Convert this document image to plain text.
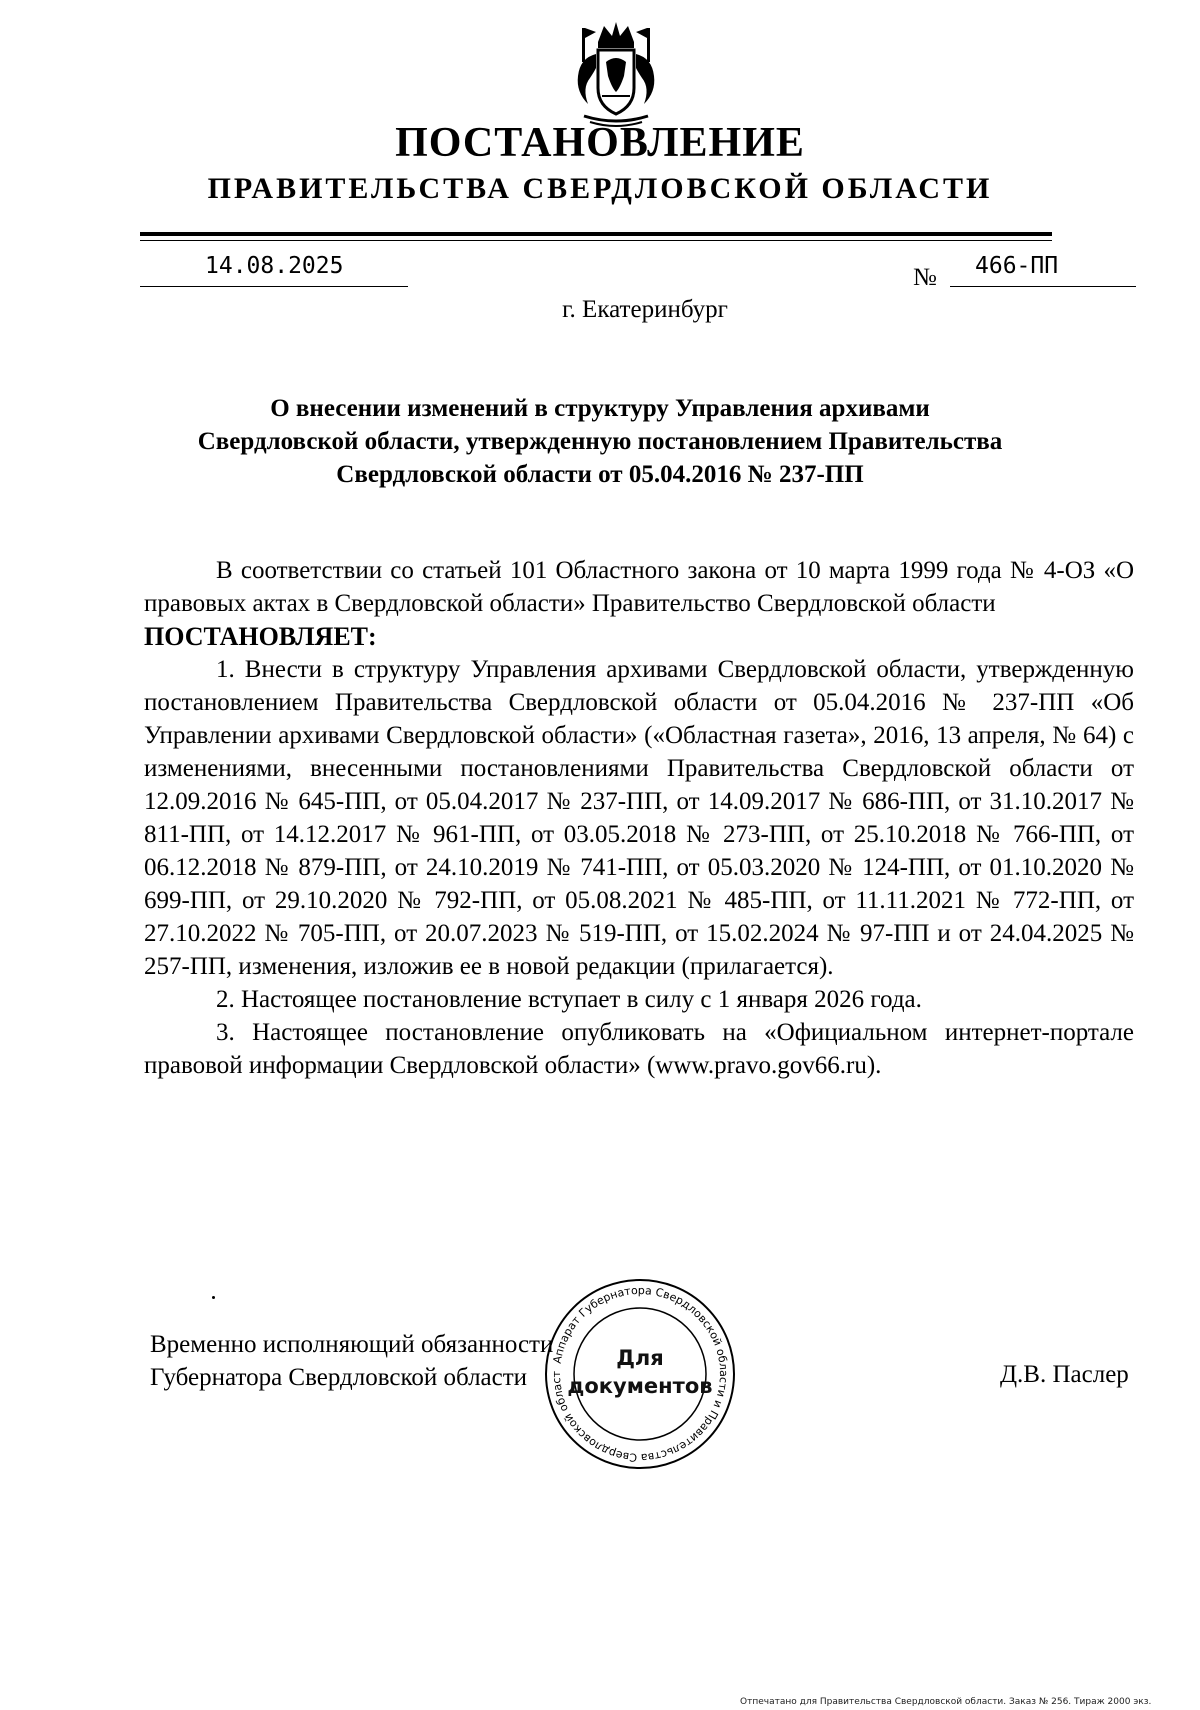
ПОСТАНОВЛЕНИЕ
ПРАВИТЕЛЬСТВА СВЕРДЛОВСКОЙ ОБЛАСТИ
14.08.2025	№ 466-ПП
г. Екатеринбург
О внесении изменений в структуру Управления архивами
Свердловской области, утвержденную постановлением Правительства
Свердловской области от 05.04.2016 № 237-ПП

В соответствии со статьей 101 Областного закона от 10 марта 1999 года № 4-ОЗ «О правовых актах в Свердловской области» Правительство Свердловской области

ПОСТАНОВЛЯЕТ:

1. Внести в структуру Управления архивами Свердловской области, утвержденную постановлением Правительства Свердловской области от 05.04.2016 № 237-ПП «Об Управлении архивами Свердловской области» («Областная газета», 2016, 13 апреля, № 64) с изменениями, внесенными постановлениями Правительства Свердловской области от 12.09.2016 № 645-ПП, от 05.04.2017 № 237-ПП, от 14.09.2017 № 686-ПП, от 31.10.2017 № 811-ПП, от 14.12.2017 № 961-ПП, от 03.05.2018 № 273-ПП, от 25.10.2018 № 766-ПП, от 06.12.2018 № 879-ПП, от 24.10.2019 № 741-ПП, от 05.03.2020 № 124-ПП, от 01.10.2020 № 699-ПП, от 29.10.2020 № 792-ПП, от 05.08.2021 № 485-ПП, от 11.11.2021 № 772-ПП, от 27.10.2022 № 705-ПП, от 20.07.2023 № 519-ПП, от 15.02.2024 № 97-ПП и от 24.04.2025 № 257-ПП, изменения, изложив ее в новой редакции (прилагается).

2. Настоящее постановление вступает в силу с 1 января 2026 года.

3. Настоящее постановление опубликовать на «Официальном интернет-портале правовой информации Свердловской области» (www.pravo.gov66.ru).

Временно исполняющий обязанности
Губернатора Свердловской области
Аппарат Губернатора Свердловской области и Правительства Свердловской област
Для
документов	Д.В. Паслер
Отпечатано для Правительства Свердловской области. Заказ № 256. Тираж 2000 экз.
